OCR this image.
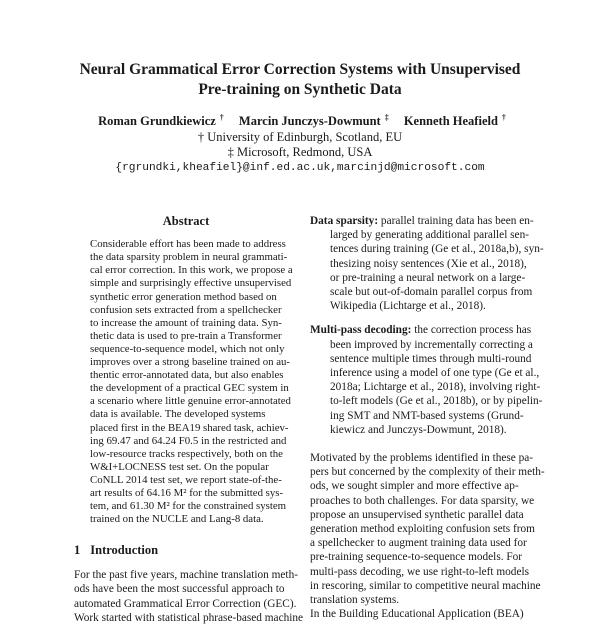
Neural Grammatical Error Correction Systems with Unsupervised
Pre-training on Synthetic Data
Roman Grundkiewicz † Marcin Junczys-Dowmunt ‡ Kenneth Heafield †
† University of Edinburgh, Scotland, EU
‡ Microsoft, Redmond, USA
{rgrundki,kheafiel}@inf.ed.ac.uk,marcinjd@microsoft.com
Abstract
Considerable effort has been made to address
the data sparsity problem in neural grammati-
cal error correction. In this work, we propose a
simple and surprisingly effective unsupervised
synthetic error generation method based on
confusion sets extracted from a spellchecker
to increase the amount of training data. Syn-
thetic data is used to pre-train a Transformer
sequence-to-sequence model, which not only
improves over a strong baseline trained on au-
thentic error-annotated data, but also enables
the development of a practical GEC system in
a scenario where little genuine error-annotated
data is available. The developed systems
placed first in the BEA19 shared task, achiev-
ing 69.47 and 64.24 F0.5 in the restricted and
low-resource tracks respectively, both on the
W&I+LOCNESS test set. On the popular
CoNLL 2014 test set, we report state-of-the-
art results of 64.16 M² for the submitted sys-
tem, and 61.30 M² for the constrained system
trained on the NUCLE and Lang-8 data.
1 Introduction
For the past five years, machine translation meth-
ods have been the most successful approach to
automated Grammatical Error Correction (GEC).
Work started with statistical phrase-based machine
Data sparsity: parallel training data has been en-
larged by generating additional parallel sen-
tences during training (Ge et al., 2018a,b), syn-
thesizing noisy sentences (Xie et al., 2018),
or pre-training a neural network on a large-
scale but out-of-domain parallel corpus from
Wikipedia (Lichtarge et al., 2018).
Multi-pass decoding: the correction process has
been improved by incrementally correcting a
sentence multiple times through multi-round
inference using a model of one type (Ge et al.,
2018a; Lichtarge et al., 2018), involving right-
to-left models (Ge et al., 2018b), or by pipelin-
ing SMT and NMT-based systems (Grund-
kiewicz and Junczys-Dowmunt, 2018).
Motivated by the problems identified in these pa-
pers but concerned by the complexity of their meth-
ods, we sought simpler and more effective ap-
proaches to both challenges. For data sparsity, we
propose an unsupervised synthetic parallel data
generation method exploiting confusion sets from
a spellchecker to augment training data used for
pre-training sequence-to-sequence models. For
multi-pass decoding, we use right-to-left models
in rescoring, similar to competitive neural machine
translation systems.
In the Building Educational Application (BEA)
